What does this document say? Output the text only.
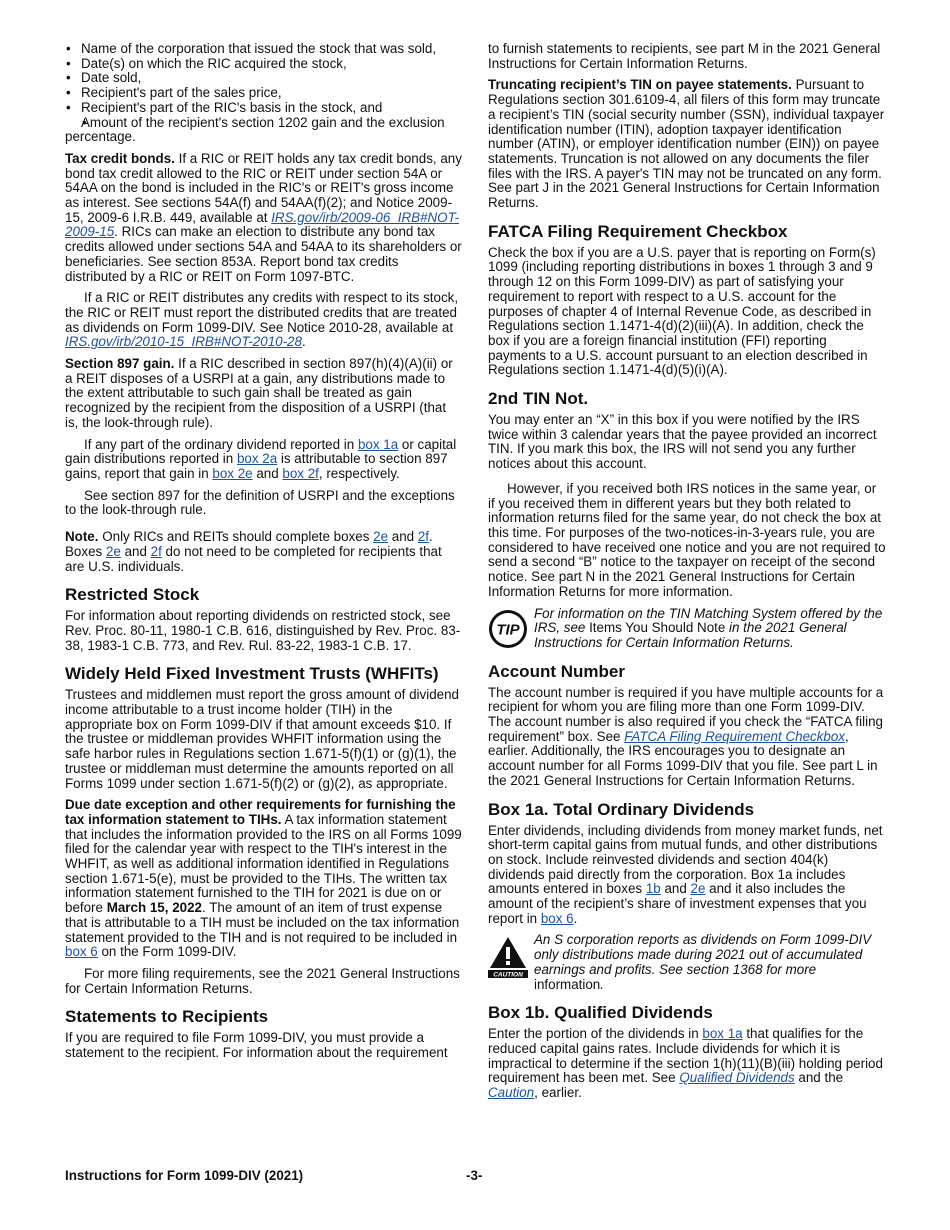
• Name of the corporation that issued the stock that was sold,
• Date(s) on which the RIC acquired the stock,
• Date sold,
• Recipient's part of the sales price,
• Recipient's part of the RIC's basis in the stock, and
• Amount of the recipient's section 1202 gain and the exclusion percentage.

Tax credit bonds. If a RIC or REIT holds any tax credit bonds, any bond tax credit allowed to the RIC or REIT under section 54A or 54AA on the bond is included in the RIC's or REIT's gross income as interest. See sections 54A(f) and 54AA(f)(2); and Notice 2009-15, 2009-6 I.R.B. 449, available at IRS.gov/irb/2009-06_IRB#NOT-2009-15. RICs can make an election to distribute any bond tax credits allowed under sections 54A and 54AA to its shareholders or beneficiaries. See section 853A. Report bond tax credits distributed by a RIC or REIT on Form 1097-BTC.

If a RIC or REIT distributes any credits with respect to its stock, the RIC or REIT must report the distributed credits that are treated as dividends on Form 1099-DIV. See Notice 2010-28, available at IRS.gov/irb/2010-15_IRB#NOT-2010-28.

Section 897 gain. If a RIC described in section 897(h)(4)(A)(ii) or a REIT disposes of a USRPI at a gain, any distributions made to the extent attributable to such gain shall be treated as gain recognized by the recipient from the disposition of a USRPI (that is, the look-through rule).

If any part of the ordinary dividend reported in box 1a or capital gain distributions reported in box 2a is attributable to section 897 gains, report that gain in box 2e and box 2f, respectively.

See section 897 for the definition of USRPI and the exceptions to the look-through rule.

Note. Only RICs and REITs should complete boxes 2e and 2f. Boxes 2e and 2f do not need to be completed for recipients that are U.S. individuals.

Restricted Stock

For information about reporting dividends on restricted stock, see Rev. Proc. 80-11, 1980-1 C.B. 616, distinguished by Rev. Proc. 83-38, 1983-1 C.B. 773, and Rev. Rul. 83-22, 1983-1 C.B. 17.

Widely Held Fixed Investment Trusts (WHFITs)

Trustees and middlemen must report the gross amount of dividend income attributable to a trust income holder (TIH) in the appropriate box on Form 1099-DIV if that amount exceeds $10. If the trustee or middleman provides WHFIT information using the safe harbor rules in Regulations section 1.671-5(f)(1) or (g)(1), the trustee or middleman must determine the amounts reported on all Forms 1099 under section 1.671-5(f)(2) or (g)(2), as appropriate.

Due date exception and other requirements for furnishing the tax information statement to TIHs. A tax information statement that includes the information provided to the IRS on all Forms 1099 filed for the calendar year with respect to the TIH's interest in the WHFIT, as well as additional information identified in Regulations section 1.671-5(e), must be provided to the TIHs. The written tax information statement furnished to the TIH for 2021 is due on or before March 15, 2022. The amount of an item of trust expense that is attributable to a TIH must be included on the tax information statement provided to the TIH and is not required to be included in box 6 on the Form 1099-DIV.

For more filing requirements, see the 2021 General Instructions for Certain Information Returns.

Statements to Recipients

If you are required to file Form 1099-DIV, you must provide a statement to the recipient. For information about the requirement

to furnish statements to recipients, see part M in the 2021 General Instructions for Certain Information Returns.

Truncating recipient’s TIN on payee statements. Pursuant to Regulations section 301.6109-4, all filers of this form may truncate a recipient’s TIN (social security number (SSN), individual taxpayer identification number (ITIN), adoption taxpayer identification number (ATIN), or employer identification number (EIN)) on payee statements. Truncation is not allowed on any documents the filer files with the IRS. A payer's TIN may not be truncated on any form. See part J in the 2021 General Instructions for Certain Information Returns.

FATCA Filing Requirement Checkbox

Check the box if you are a U.S. payer that is reporting on Form(s) 1099 (including reporting distributions in boxes 1 through 3 and 9 through 12 on this Form 1099-DIV) as part of satisfying your requirement to report with respect to a U.S. account for the purposes of chapter 4 of Internal Revenue Code, as described in Regulations section 1.1471-4(d)(2)(iii)(A). In addition, check the box if you are a foreign financial institution (FFI) reporting payments to a U.S. account pursuant to an election described in Regulations section 1.1471-4(d)(5)(i)(A).

2nd TIN Not.

You may enter an “X” in this box if you were notified by the IRS twice within 3 calendar years that the payee provided an incorrect TIN. If you mark this box, the IRS will not send you any further notices about this account.

However, if you received both IRS notices in the same year, or if you received them in different years but they both related to information returns filed for the same year, do not check the box at this time. For purposes of the two-notices-in-3-years rule, you are considered to have received one notice and you are not required to send a second “B” notice to the taxpayer on receipt of the second notice. See part N in the 2021 General Instructions for Certain Information Returns for more information.

TIP
For information on the TIN Matching System offered by the IRS, see Items You Should Note in the 2021 General Instructions for Certain Information Returns.
Account Number

The account number is required if you have multiple accounts for a recipient for whom you are filing more than one Form 1099-DIV. The account number is also required if you check the “FATCA filing requirement” box. See FATCA Filing Requirement Checkbox, earlier. Additionally, the IRS encourages you to designate an account number for all Forms 1099-DIV that you file. See part L in the 2021 General Instructions for Certain Information Returns.

Box 1a. Total Ordinary Dividends

Enter dividends, including dividends from money market funds, net short-term capital gains from mutual funds, and other distributions on stock. Include reinvested dividends and section 404(k) dividends paid directly from the corporation. Box 1a includes amounts entered in boxes 1b and 2e and it also includes the amount of the recipient’s share of investment expenses that you report in box 6.

CAUTION
An S corporation reports as dividends on Form 1099-DIV only distributions made during 2021 out of accumulated earnings and profits. See section 1368 for more information.
Box 1b. Qualified Dividends

Enter the portion of the dividends in box 1a that qualifies for the reduced capital gains rates. Include dividends for which it is impractical to determine if the section 1(h)(11)(B)(iii) holding period requirement has been met. See Qualified Dividends and the Caution, earlier.

Instructions for Form 1099-DIV (2021)	-3-
